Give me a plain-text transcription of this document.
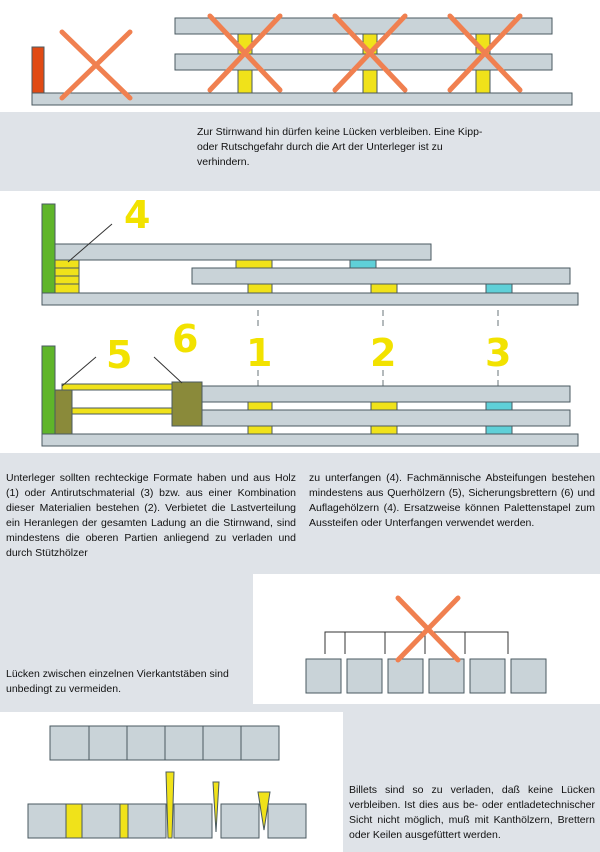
Zur Stirnwand hin dürfen keine Lücken verbleiben. Eine Kipp- oder Rutschgefahr durch die Art der Unterleger ist zu verhindern.
Unterleger sollten rechteckige Formate haben und aus Holz (1) oder Antirutschmaterial (3) bzw. aus einer Kombination dieser Materialien bestehen (2). Verbietet die Lastverteilung ein Heranlegen der gesamten Ladung an die Stirnwand, sind mindestens die oberen Partien anliegend zu verladen und durch Stützhölzer
zu unterfangen (4). Fachmännische Absteifungen bestehen mindestens aus Querhölzern (5), Sicherungsbrettern (6) und Auflagehölzern (4). Ersatzweise können Palettenstapel zum Aussteifen oder Unterfangen verwendet werden.
Lücken zwischen einzelnen Vierkantstäben sind unbedingt zu vermeiden.
Billets sind so zu verladen, daß keine Lücken verbleiben. Ist dies aus be- oder entladetechnischer Sicht nicht möglich, muß mit Kanthölzern, Brettern oder Keilen ausgefüttert werden.
4
5 6 1	2 3
